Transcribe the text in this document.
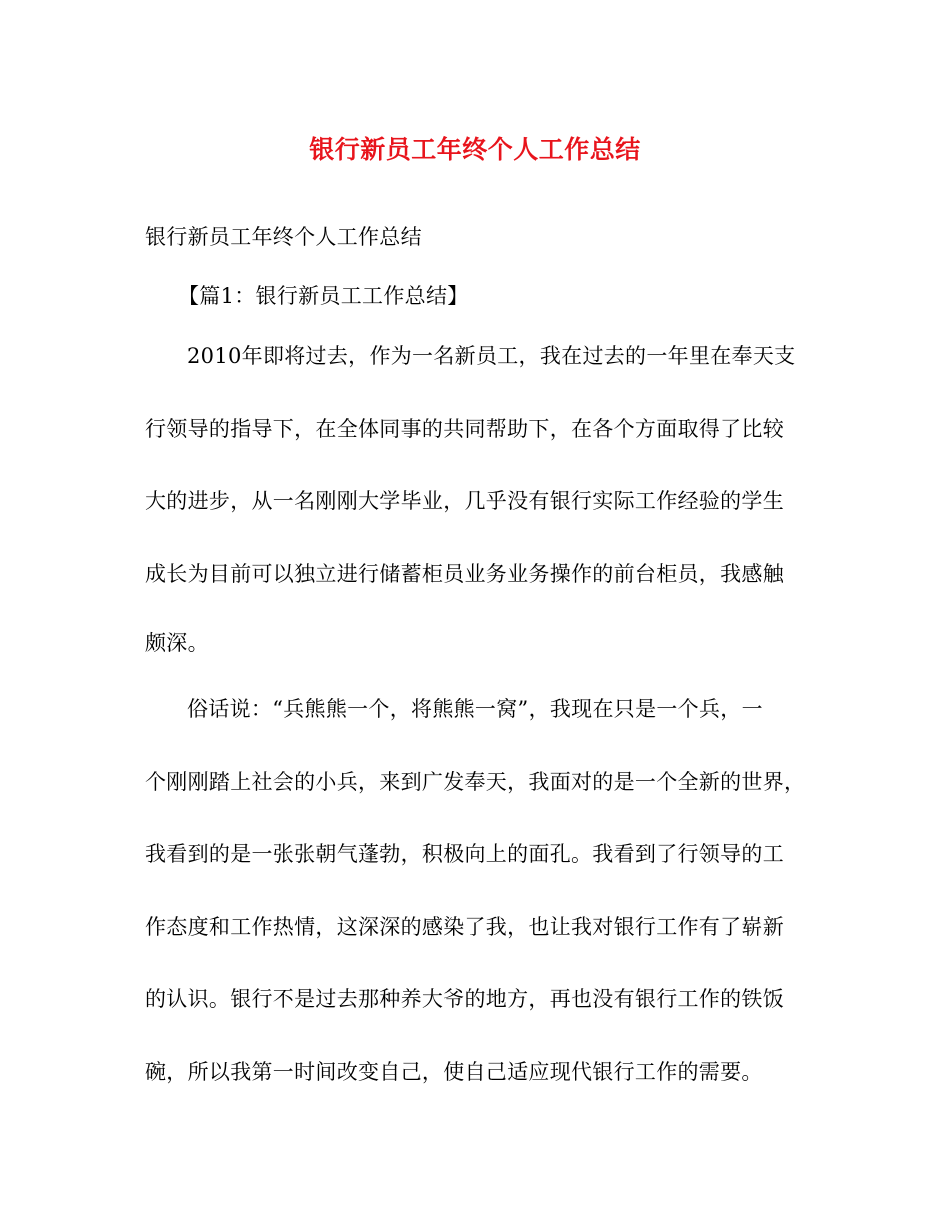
银行新员工年终个人工作总结
银行新员工年终个人工作总结
【篇1：银行新员工工作总结】
2010年即将过去，作为一名新员工，我在过去的一年里在奉天支
行领导的指导下，在全体同事的共同帮助下，在各个方面取得了比较
大的进步，从一名刚刚大学毕业，几乎没有银行实际工作经验的学生
成长为目前可以独立进行储蓄柜员业务业务操作的前台柜员，我感触
颇深。
俗话说：“兵熊熊一个，将熊熊一窝”，我现在只是一个兵，一
个刚刚踏上社会的小兵，来到广发奉天，我面对的是一个全新的世界，
我看到的是一张张朝气蓬勃，积极向上的面孔。我看到了行领导的工
作态度和工作热情，这深深的感染了我，也让我对银行工作有了崭新
的认识。银行不是过去那种养大爷的地方，再也没有银行工作的铁饭
碗，所以我第一时间改变自己，使自己适应现代银行工作的需要。
